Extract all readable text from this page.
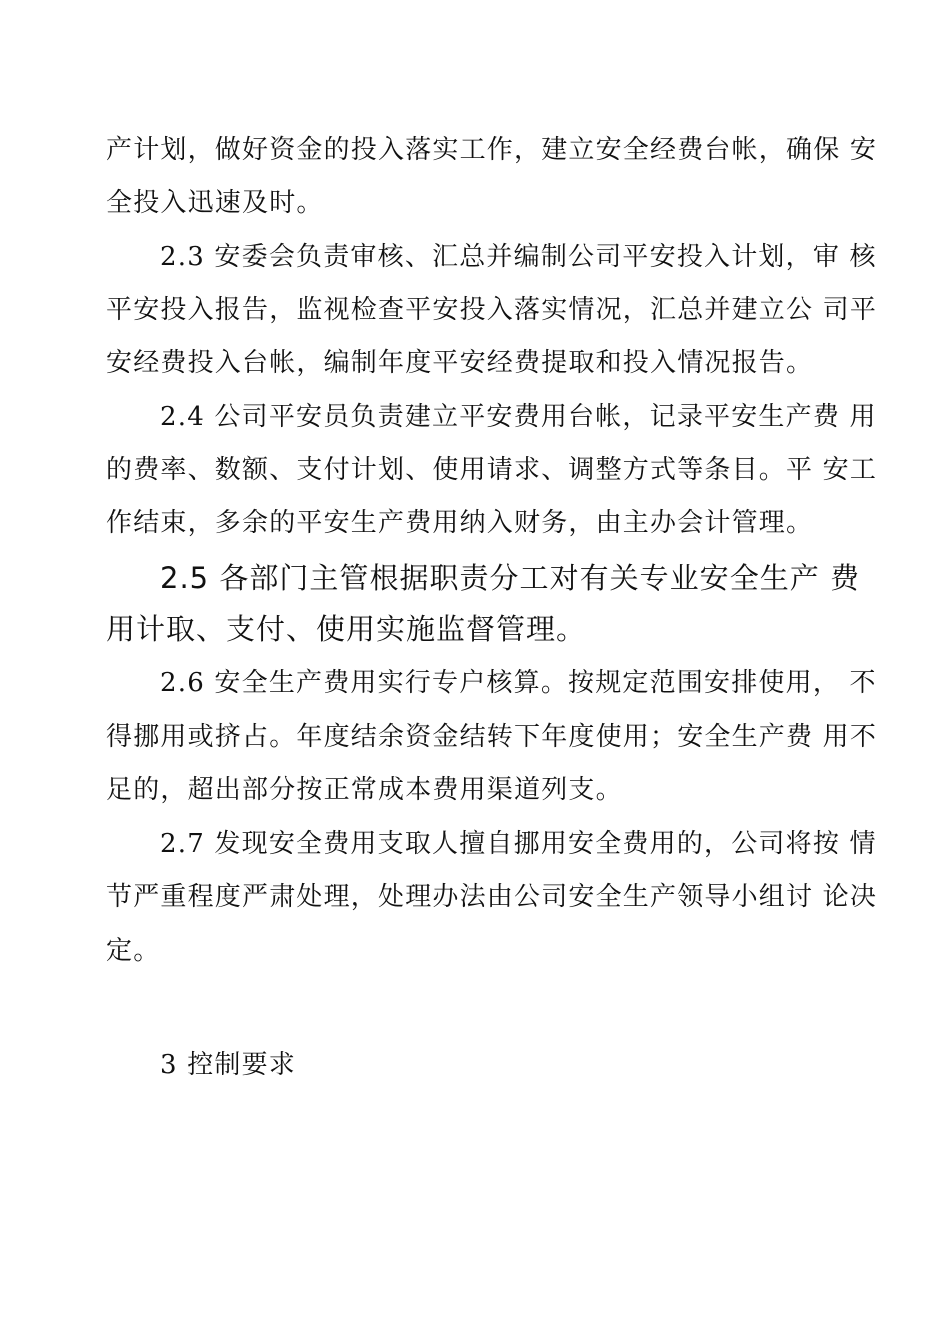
产计划，做好资金的投入落实工作，建立安全经费台帐，确保 安
全投入迅速及时。
2.3 安委会负责审核、汇总并编制公司平安投入计划，审 核
平安投入报告，监视检查平安投入落实情况，汇总并建立公 司平
安经费投入台帐，编制年度平安经费提取和投入情况报告。
2.4 公司平安员负责建立平安费用台帐，记录平安生产费 用
的费率、数额、支付计划、使用请求、调整方式等条目。平 安工
作结束，多余的平安生产费用纳入财务，由主办会计管理。
2.5 各部门主管根据职责分工对有关专业安全生产 费
用计取、支付、使用实施监督管理。
2.6 安全生产费用实行专户核算。按规定范围安排使用， 不
得挪用或挤占。年度结余资金结转下年度使用；安全生产费 用不
足的，超出部分按正常成本费用渠道列支。
2.7 发现安全费用支取人擅自挪用安全费用的，公司将按 情
节严重程度严肃处理，处理办法由公司安全生产领导小组讨 论决
定。
3 控制要求
